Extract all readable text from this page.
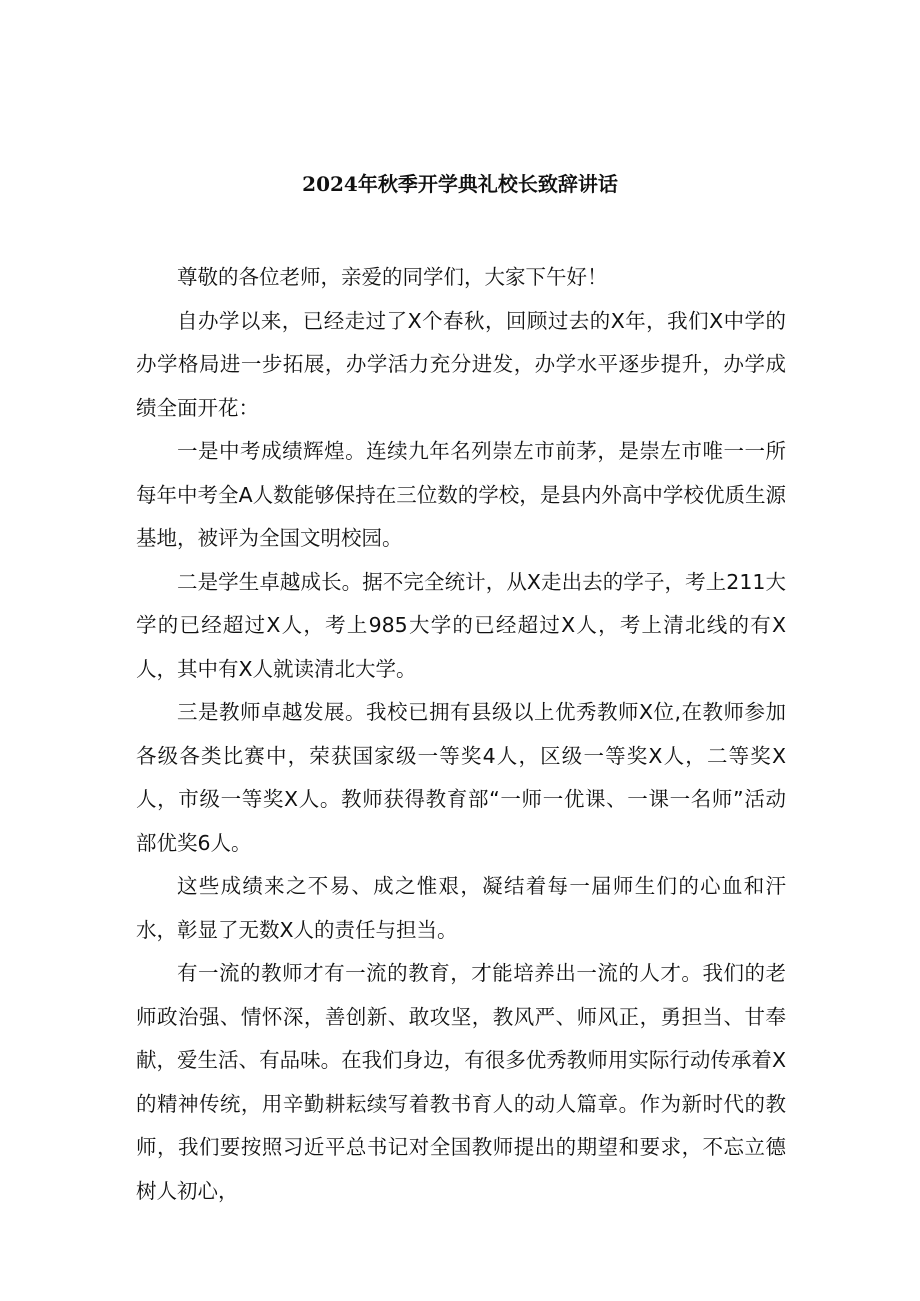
2024年秋季开学典礼校长致辞讲话

尊敬的各位老师，亲爱的同学们，大家下午好！

自办学以来，已经走过了X个春秋，回顾过去的X年，我们X中学的办学格局进一步拓展，办学活力充分进发，办学水平逐步提升，办学成绩全面开花：

一是中考成绩辉煌。连续九年名列崇左市前茅，是崇左市唯一一所每年中考全A人数能够保持在三位数的学校，是县内外高中学校优质生源基地，被评为全国文明校园。

二是学生卓越成长。据不完全统计，从X走出去的学子，考上211大学的已经超过X人，考上985大学的已经超过X人，考上清北线的有X人，其中有X人就读清北大学。

三是教师卓越发展。我校已拥有县级以上优秀教师X位,在教师参加各级各类比赛中，荣获国家级一等奖4人，区级一等奖X人，二等奖X人，市级一等奖X人。教师获得教育部“一师一优课、一课一名师”活动部优奖6人。

这些成绩来之不易、成之惟艰，凝结着每一届师生们的心血和汗水，彰显了无数X人的责任与担当。

有一流的教师才有一流的教育，才能培养出一流的人才。我们的老师政治强、情怀深，善创新、敢攻坚，教风严、师风正，勇担当、甘奉献，爱生活、有品味。在我们身边，有很多优秀教师用实际行动传承着X的精神传统，用辛勤耕耘续写着教书育人的动人篇章。作为新时代的教师，我们要按照习近平总书记对全国教师提出的期望和要求，不忘立德树人初心，
